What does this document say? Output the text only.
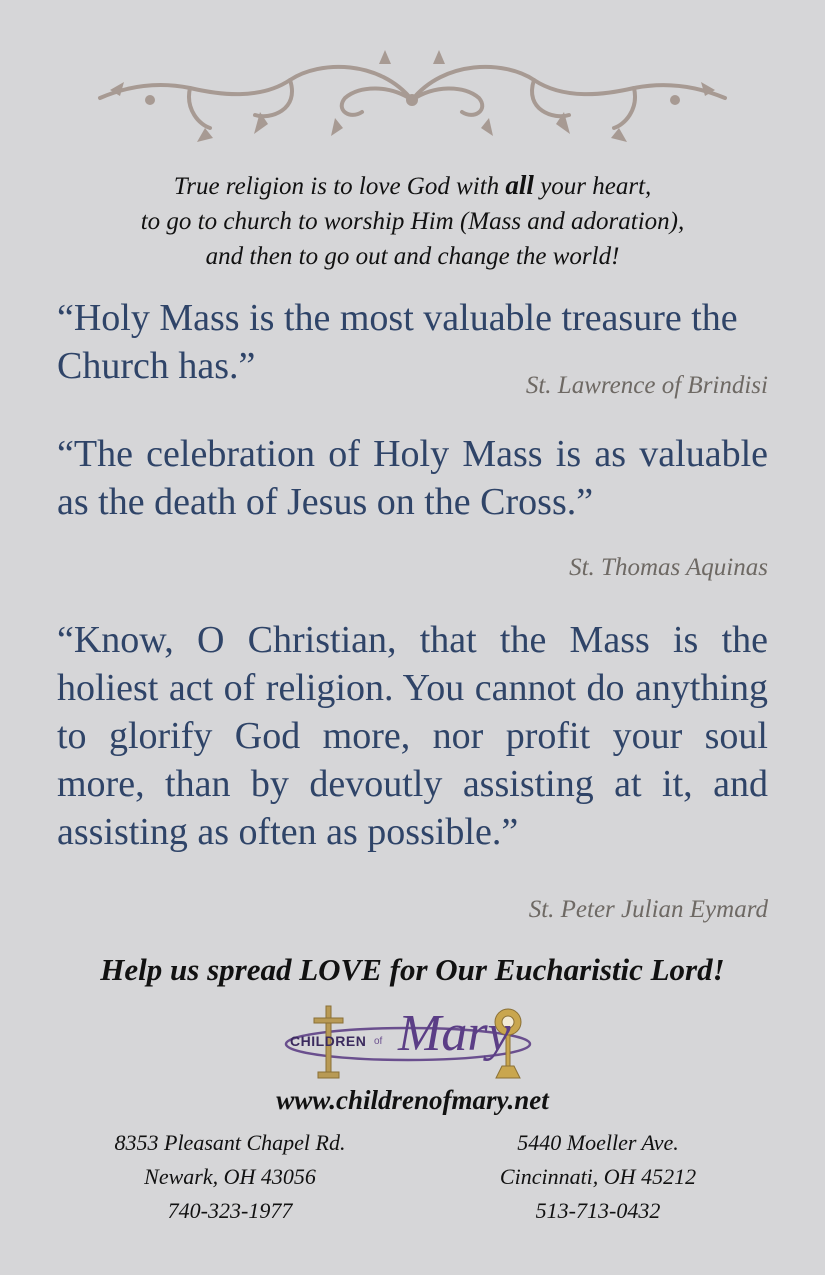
True religion is to love God with all your heart,
to go to church to worship Him (Mass and adoration),
and then to go out and change the world!
“Holy Mass is the most valuable treasure the Church has.”	St. Lawrence of Brindisi
“The celebration of Holy Mass is as valuable as the death of Jesus on the Cross.”
St. Thomas Aquinas
“Know, O Christian, that the Mass is the holiest act of religion. You cannot do anything to glorify God more, nor profit your soul more, than by devoutly assisting at it, and assisting as often as possible.”
St. Peter Julian Eymard
Help us spread LOVE for Our Eucharistic Lord!
CHILDREN of Mary
www.childrenofmary.net
8353 Pleasant Chapel Rd.
Newark, OH 43056
740-323-1977
5440 Moeller Ave.
Cincinnati, OH 45212
513-713-0432
